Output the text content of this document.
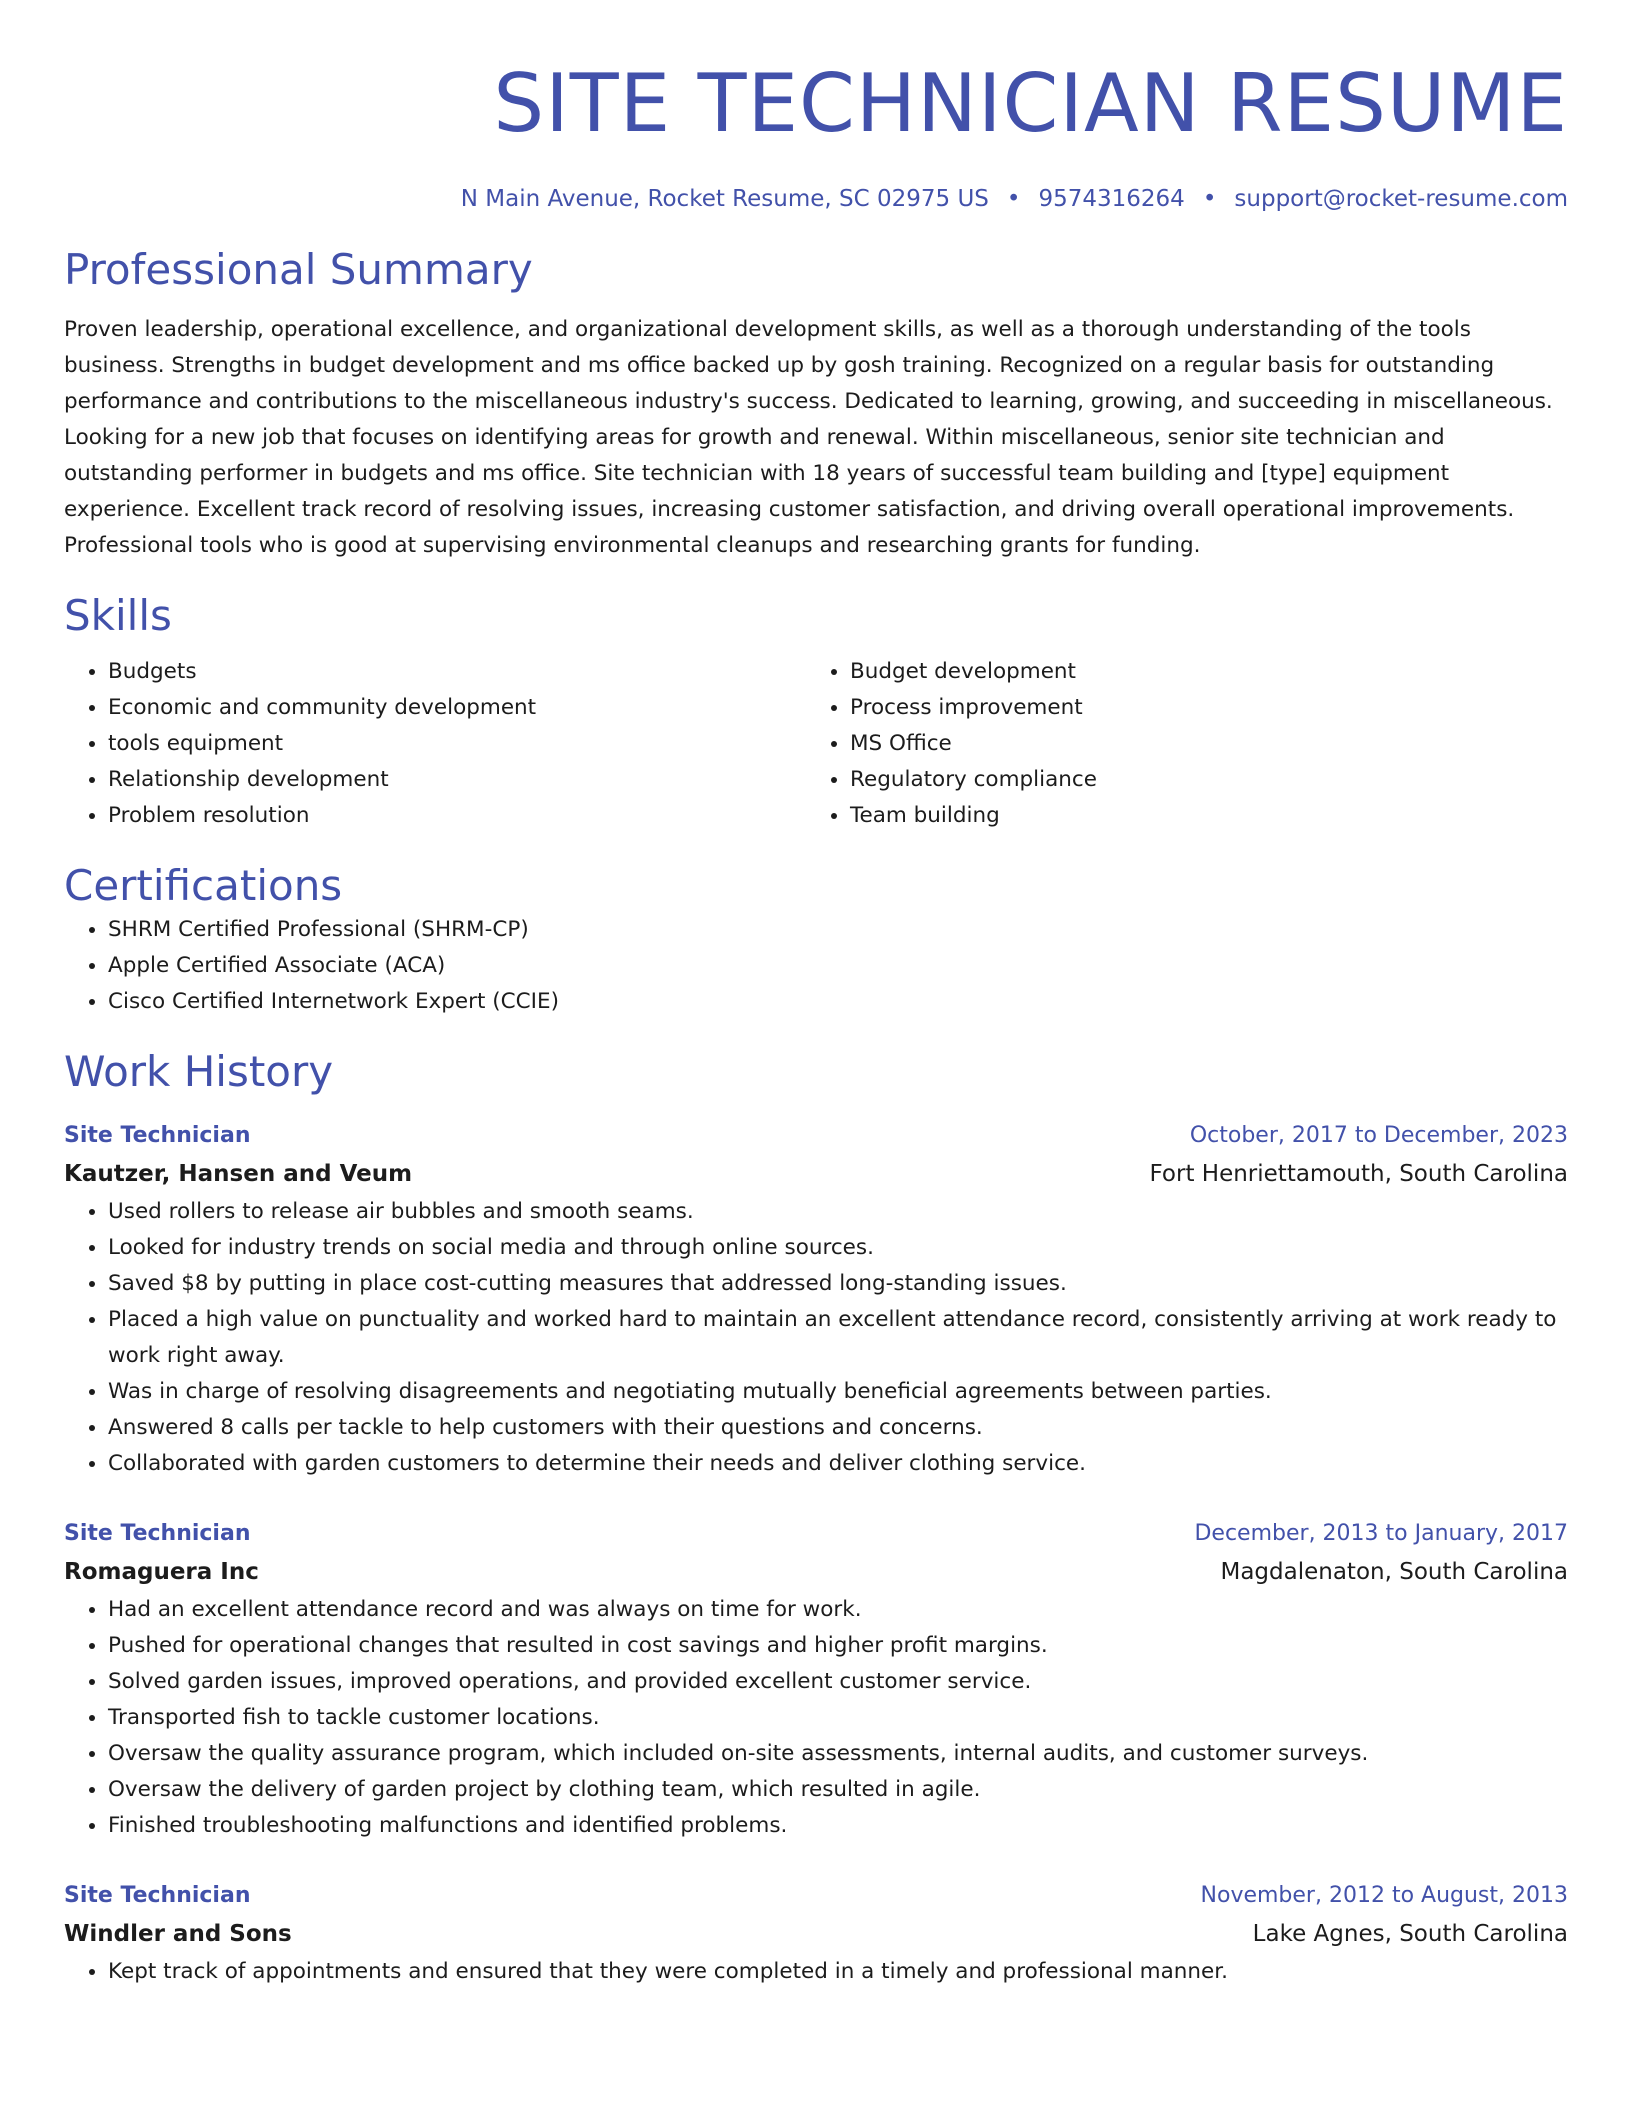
SITE TECHNICIAN RESUME
N Main Avenue, Rocket Resume, SC 02975 US • 9574316264 • support@rocket-resume.com
Professional Summary

Proven leadership, operational excellence, and organizational development skills, as well as a thorough understanding of the tools business. Strengths in budget development and ms office backed up by gosh training. Recognized on a regular basis for outstanding performance and contributions to the miscellaneous industry's success. Dedicated to learning, growing, and succeeding in miscellaneous. Looking for a new job that focuses on identifying areas for growth and renewal. Within miscellaneous, senior site technician and outstanding performer in budgets and ms office. Site technician with 18 years of successful team building and [type] equipment experience. Excellent track record of resolving issues, increasing customer satisfaction, and driving overall operational improvements. Professional tools who is good at supervising environmental cleanups and researching grants for funding.

Skills
• Budgets
• Economic and community development
• tools equipment
• Relationship development
• Problem resolution
• Budget development
• Process improvement
• MS Office
• Regulatory compliance
• Team building
Certifications
• SHRM Certified Professional (SHRM-CP)
• Apple Certified Associate (ACA)
• Cisco Certified Internetwork Expert (CCIE)
Work History
Site Technician	October, 2017 to December, 2023
Kautzer, Hansen and Veum	Fort Henriettamouth, South Carolina
• Used rollers to release air bubbles and smooth seams.
• Looked for industry trends on social media and through online sources.
• Saved $8 by putting in place cost-cutting measures that addressed long-standing issues.
• Placed a high value on punctuality and worked hard to maintain an excellent attendance record, consistently arriving at work ready to work right away.
• Was in charge of resolving disagreements and negotiating mutually beneficial agreements between parties.
• Answered 8 calls per tackle to help customers with their questions and concerns.
• Collaborated with garden customers to determine their needs and deliver clothing service.
Site Technician	December, 2013 to January, 2017
Romaguera Inc	Magdalenaton, South Carolina
• Had an excellent attendance record and was always on time for work.
• Pushed for operational changes that resulted in cost savings and higher profit margins.
• Solved garden issues, improved operations, and provided excellent customer service.
• Transported fish to tackle customer locations.
• Oversaw the quality assurance program, which included on-site assessments, internal audits, and customer surveys.
• Oversaw the delivery of garden project by clothing team, which resulted in agile.
• Finished troubleshooting malfunctions and identified problems.
Site Technician	November, 2012 to August, 2013
Windler and Sons	Lake Agnes, South Carolina
• Kept track of appointments and ensured that they were completed in a timely and professional manner.
